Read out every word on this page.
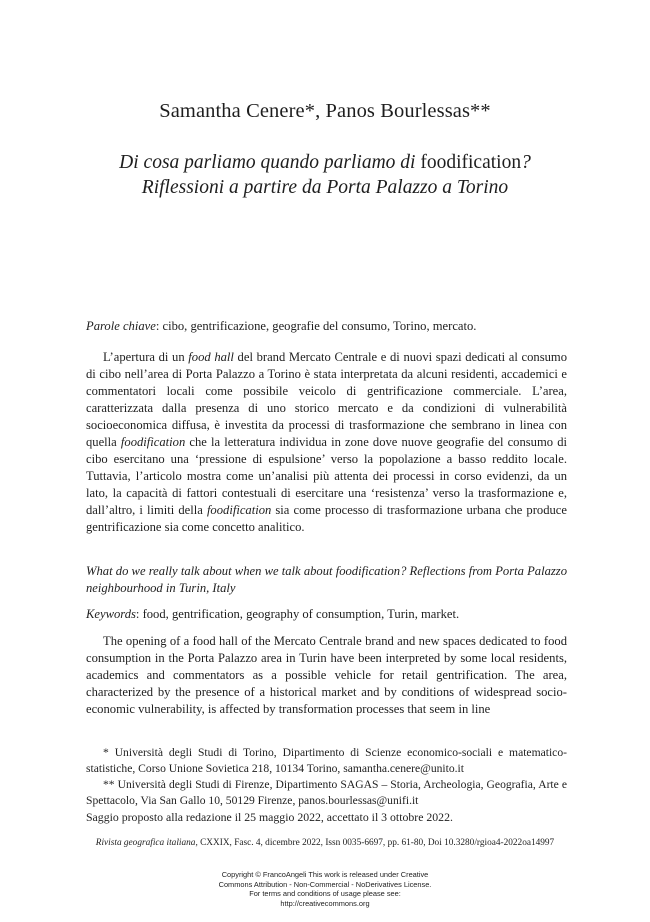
Samantha Cenere*, Panos Bourlessas**
Di cosa parliamo quando parliamo di foodification?
Riflessioni a partire da Porta Palazzo a Torino
Parole chiave: cibo, gentrificazione, geografie del consumo, Torino, mercato.

L’apertura di un food hall del brand Mercato Centrale e di nuovi spazi dedicati al consumo di cibo nell’area di Porta Palazzo a Torino è stata interpretata da alcuni residenti, accademici e commentatori locali come possibile veicolo di gentrificazione commerciale. L’area, caratterizzata dalla presenza di uno storico mercato e da condizioni di vulnerabilità socioeconomica diffusa, è investita da processi di trasformazione che sembrano in linea con quella foodification che la letteratura individua in zone dove nuove geografie del consumo di cibo esercitano una ‘pressione di espulsione’ verso la popolazione a basso reddito locale. Tuttavia, l’articolo mostra come un’analisi più attenta dei processi in corso evidenzi, da un lato, la capacità di fattori contestuali di esercitare una ‘resistenza’ verso la trasformazione e, dall’altro, i limiti della foodification sia come processo di trasformazione urbana che produce gentrificazione sia come concetto analitico.

What do we really talk about when we talk about foodification? Reflections from Porta Palazzo neighbourhood in Turin, Italy
Keywords: food, gentrification, geography of consumption, Turin, market.

The opening of a food hall of the Mercato Centrale brand and new spaces dedicated to food consumption in the Porta Palazzo area in Turin have been interpreted by some local residents, academics and commentators as a possible vehicle for retail gentrification. The area, characterized by the presence of a historical market and by conditions of widespread socio-economic vulnerability, is affected by transformation processes that seem in line

* Università degli Studi di Torino, Dipartimento di Scienze economico-sociali e matematico-statistiche, Corso Unione Sovietica 218, 10134 Torino, samantha.cenere@unito.it

** Università degli Studi di Firenze, Dipartimento SAGAS – Storia, Archeologia, Geografia, Arte e Spettacolo, Via San Gallo 10, 50129 Firenze, panos.bourlessas@unifi.it

Saggio proposto alla redazione il 25 maggio 2022, accettato il 3 ottobre 2022.
Rivista geografica italiana, CXXIX, Fasc. 4, dicembre 2022, Issn 0035-6697, pp. 61-80, Doi 10.3280/rgioa4-2022oa14997
Copyright © FrancoAngeli This work is released under Creative
Commons Attribution - Non-Commercial - NoDerivatives License.
For terms and conditions of usage please see:
http://creativecommons.org
